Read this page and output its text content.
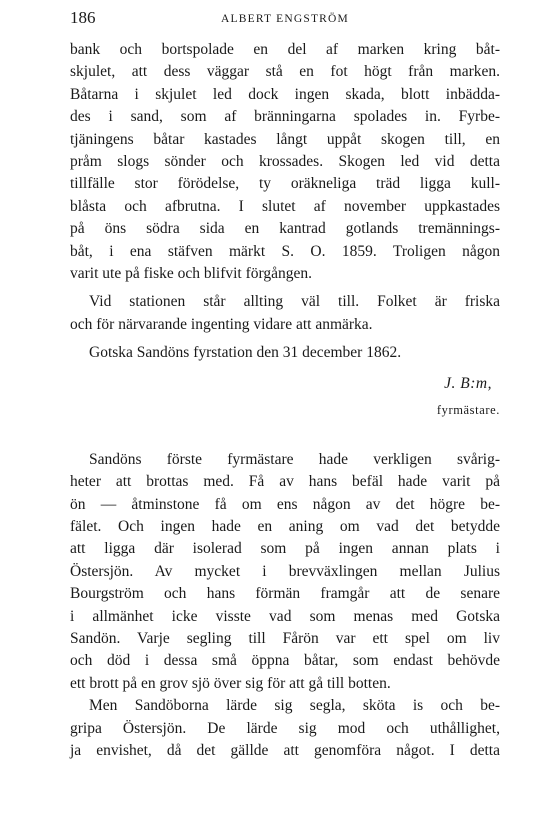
186	ALBERT ENGSTRÖM
bank och bortspolade en del af marken kring båt-
skjulet, att dess väggar stå en fot högt från marken.
Båtarna i skjulet led dock ingen skada, blott inbädda-
des i sand, som af bränningarna spolades in. Fyrbe-
tjäningens båtar kastades långt uppåt skogen till, en
pråm slogs sönder och krossades. Skogen led vid detta
tillfälle stor förödelse, ty oräkneliga träd ligga kull-
blåsta och afbrutna. I slutet af november uppkastades
på öns södra sida en kantrad gotlands tremännings-
båt, i ena stäfven märkt S. O. 1859. Troligen någon
varit ute på fiske och blifvit förgången.
Vid stationen står allting väl till. Folket är friska
och för närvarande ingenting vidare att anmärka.
Gotska Sandöns fyrstation den 31 december 1862.
J. B:m,
fyrmästare.
Sandöns förste fyrmästare hade verkligen svårig-
heter att brottas med. Få av hans befäl hade varit på
ön — åtminstone få om ens någon av det högre be-
fälet. Och ingen hade en aning om vad det betydde
att ligga där isolerad som på ingen annan plats i
Östersjön. Av mycket i brevväxlingen mellan Julius
Bourgström och hans förmän framgår att de senare
i allmänhet icke visste vad som menas med Gotska
Sandön. Varje segling till Fårön var ett spel om liv
och död i dessa små öppna båtar, som endast behövde
ett brott på en grov sjö över sig för att gå till botten.
Men Sandöborna lärde sig segla, sköta is och be-
gripa Östersjön. De lärde sig mod och uthållighet,
ja envishet, då det gällde att genomföra något. I detta
